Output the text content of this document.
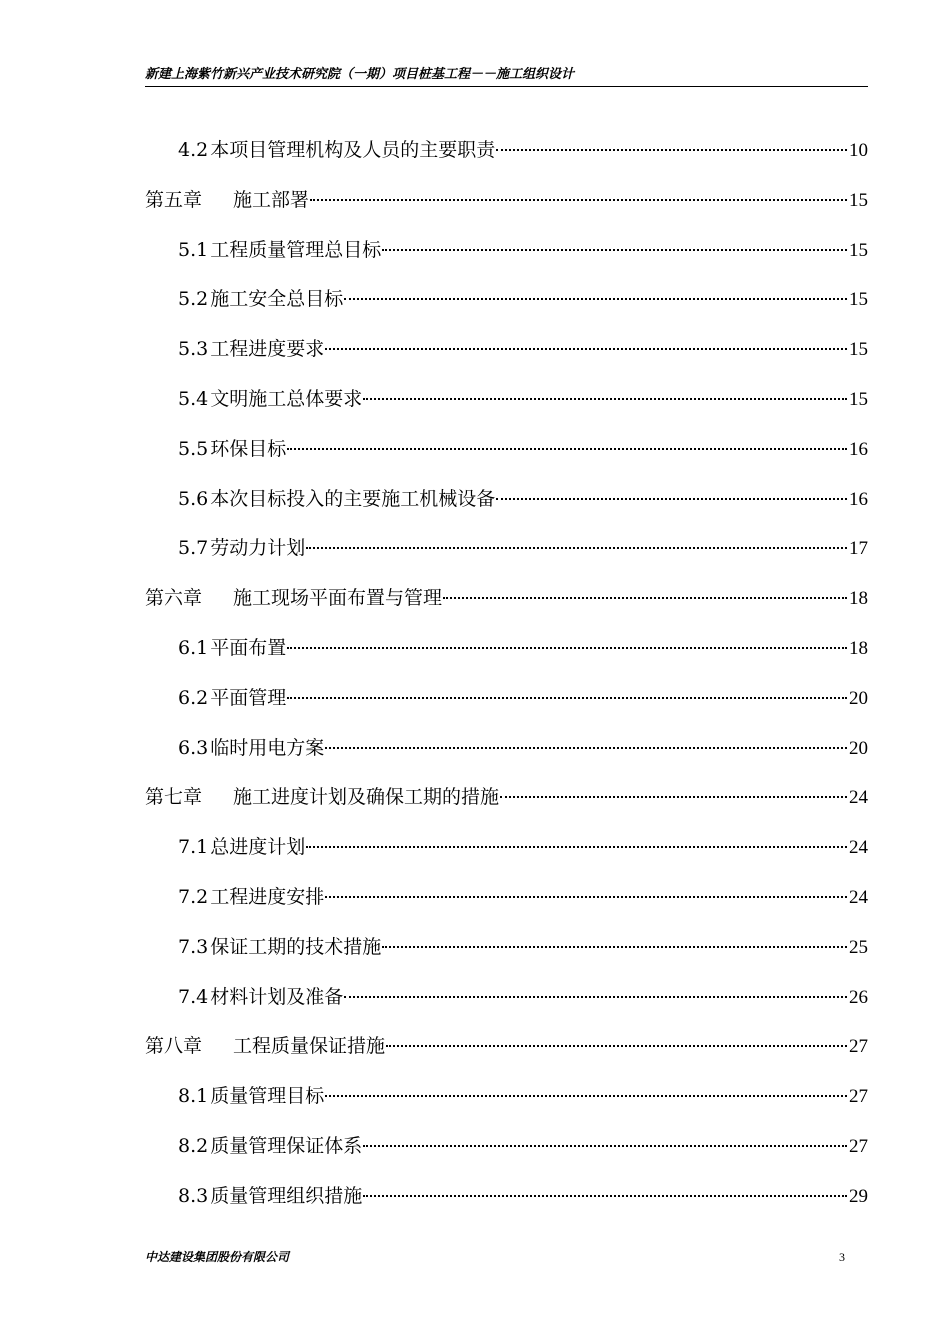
新建上海紫竹新兴产业技术研究院（一期）项目桩基工程－－施工组织设计
4.2 本项目管理机构及人员的主要职责	10
第五章 施工部署	15
5.1 工程质量管理总目标	15
5.2 施工安全总目标	15
5.3 工程进度要求	15
5.4 文明施工总体要求	15
5.5 环保目标	16
5.6 本次目标投入的主要施工机械设备	16
5.7 劳动力计划	17
第六章 施工现场平面布置与管理	18
6.1 平面布置	18
6.2 平面管理	20
6.3 临时用电方案	20
第七章 施工进度计划及确保工期的措施	24
7.1 总进度计划	24
7.2 工程进度安排	24
7.3 保证工期的技术措施	25
7.4 材料计划及准备	26
第八章 工程质量保证措施	27
8.1 质量管理目标	27
8.2 质量管理保证体系	27
8.3 质量管理组织措施	29
中达建设集团股份有限公司	3
